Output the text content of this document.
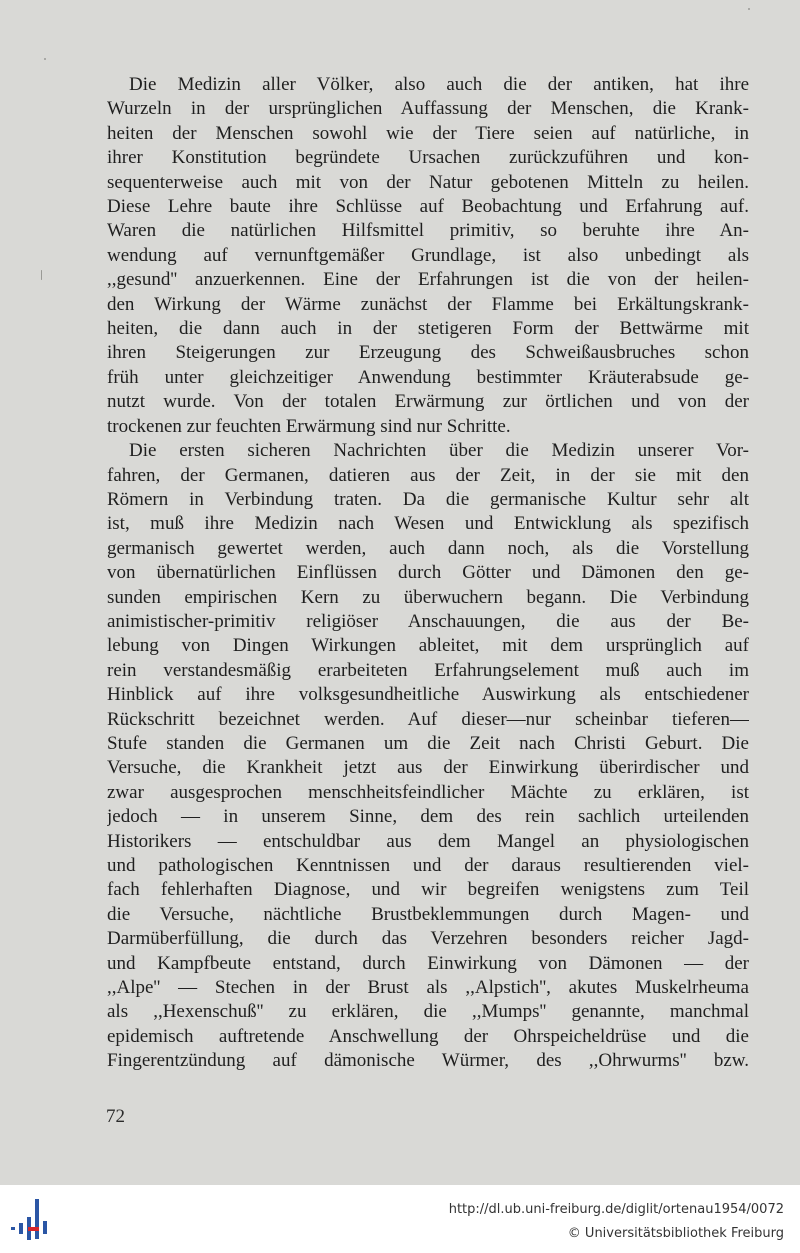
Die Medizin aller Völker, also auch die der antiken, hat ihre
Wurzeln in der ursprünglichen Auffassung der Menschen, die Krank-
heiten der Menschen sowohl wie der Tiere seien auf natürliche, in
ihrer Konstitution begründete Ursachen zurückzuführen und kon-
sequenterweise auch mit von der Natur gebotenen Mitteln zu heilen.
Diese Lehre baute ihre Schlüsse auf Beobachtung und Erfahrung auf.
Waren die natürlichen Hilfsmittel primitiv, so beruhte ihre An-
wendung auf vernunftgemäßer Grundlage, ist also unbedingt als
,,gesund'' anzuerkennen. Eine der Erfahrungen ist die von der heilen-
den Wirkung der Wärme zunächst der Flamme bei Erkältungskrank-
heiten, die dann auch in der stetigeren Form der Bettwärme mit
ihren Steigerungen zur Erzeugung des Schweißausbruches schon
früh unter gleichzeitiger Anwendung bestimmter Kräuterabsude ge-
nutzt wurde. Von der totalen Erwärmung zur örtlichen und von der
trockenen zur feuchten Erwärmung sind nur Schritte.
Die ersten sicheren Nachrichten über die Medizin unserer Vor-
fahren, der Germanen, datieren aus der Zeit, in der sie mit den
Römern in Verbindung traten. Da die germanische Kultur sehr alt
ist, muß ihre Medizin nach Wesen und Entwicklung als spezifisch
germanisch gewertet werden, auch dann noch, als die Vorstellung
von übernatürlichen Einflüssen durch Götter und Dämonen den ge-
sunden empirischen Kern zu überwuchern begann. Die Verbindung
animistischer-primitiv religiöser Anschauungen, die aus der Be-
lebung von Dingen Wirkungen ableitet, mit dem ursprünglich auf
rein verstandesmäßig erarbeiteten Erfahrungselement muß auch im
Hinblick auf ihre volksgesundheitliche Auswirkung als entschiedener
Rückschritt bezeichnet werden. Auf dieser—nur scheinbar tieferen—
Stufe standen die Germanen um die Zeit nach Christi Geburt. Die
Versuche, die Krankheit jetzt aus der Einwirkung überirdischer und
zwar ausgesprochen menschheitsfeindlicher Mächte zu erklären, ist
jedoch — in unserem Sinne, dem des rein sachlich urteilenden
Historikers — entschuldbar aus dem Mangel an physiologischen
und pathologischen Kenntnissen und der daraus resultierenden viel-
fach fehlerhaften Diagnose, und wir begreifen wenigstens zum Teil
die Versuche, nächtliche Brustbeklemmungen durch Magen- und
Darmüberfüllung, die durch das Verzehren besonders reicher Jagd-
und Kampfbeute entstand, durch Einwirkung von Dämonen — der
,,Alpe'' — Stechen in der Brust als ,,Alpstich'', akutes Muskelrheuma
als ,,Hexenschuß'' zu erklären, die ,,Mumps'' genannte, manchmal
epidemisch auftretende Anschwellung der Ohrspeicheldrüse und die
Fingerentzündung auf dämonische Würmer, des ,,Ohrwurms'' bzw.
72
http://dl.ub.uni-freiburg.de/diglit/ortenau1954/0072
© Universitätsbibliothek Freiburg
